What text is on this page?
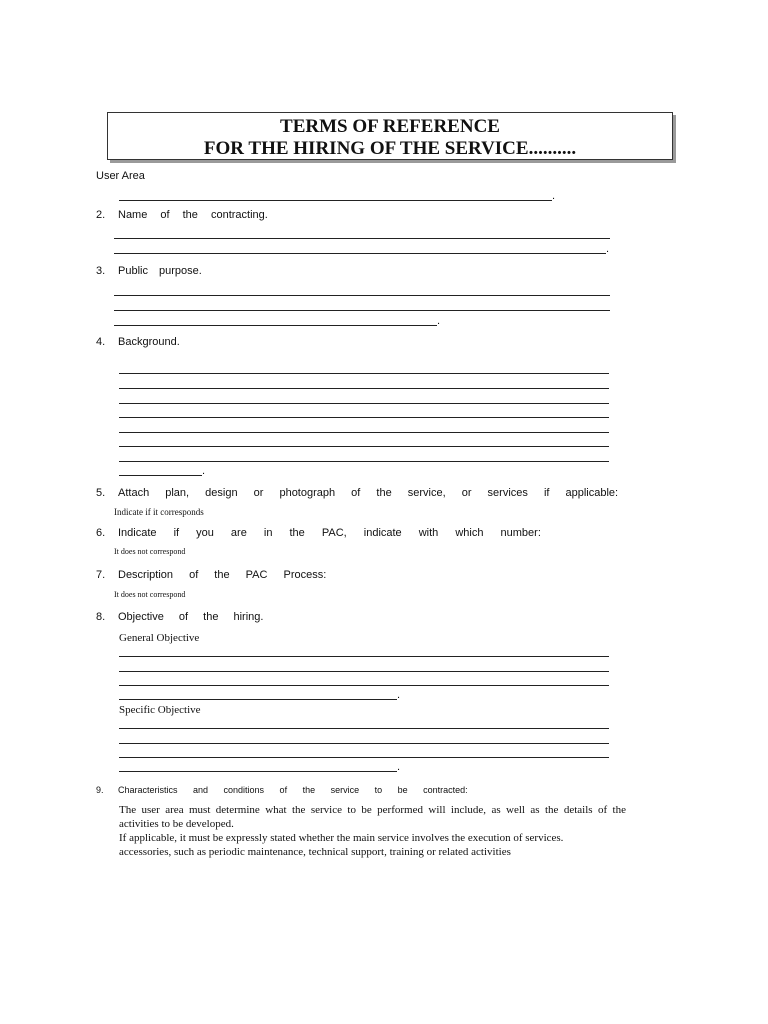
TERMS OF REFERENCE
FOR THE HIRING OF THE SERVICE..........
User Area
.
2. Name of the contracting.
.
3. Public purpose.
.
4. Background.
.
5. Attach plan, design or photograph of the service, or services if applicable:
Indicate if it corresponds
6. Indicate if you are in the PAC, indicate with which number:
It does not correspond
7. Description of the PAC Process:
It does not correspond
8. Objective of the hiring.
General Objective
.
Specific Objective
.
9. Characteristics and conditions of the service to be contracted:
The user area must determine what the service to be performed will include, as well as the details of the
activities to be developed.
If applicable, it must be expressly stated whether the main service involves the execution of services.
accessories, such as periodic maintenance, technical support, training or related activities
